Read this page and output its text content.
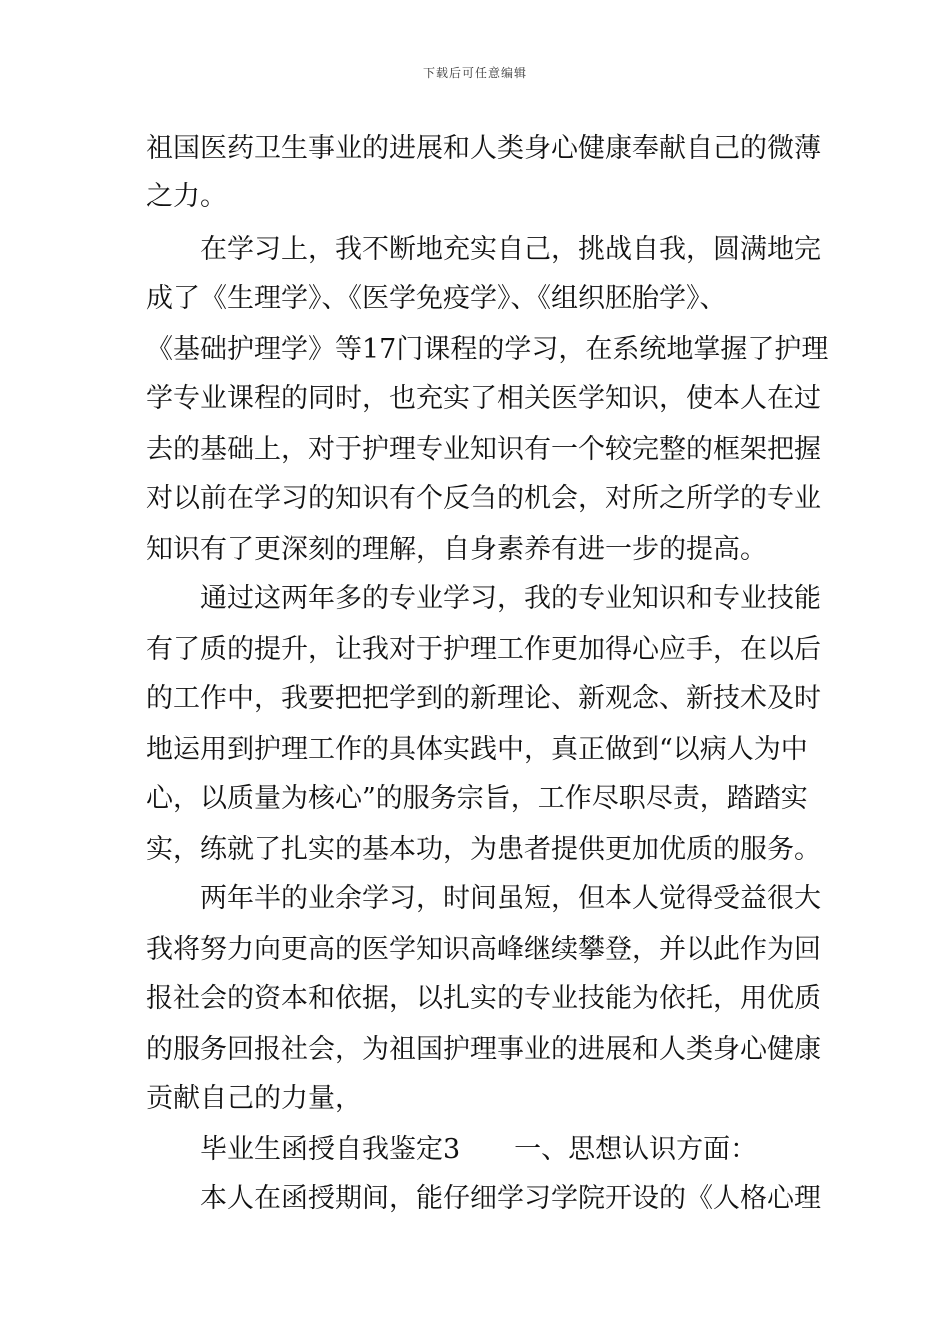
下载后可任意编辑
祖国医药卫生事业的进展和人类身心健康奉献自己的微薄
之力。
在学习上，我不断地充实自己，挑战自我，圆满地完
成了《生理学》、《医学免疫学》、《组织胚胎学》、
《基础护理学》等17门课程的学习，在系统地掌握了护理
学专业课程的同时，也充实了相关医学知识，使本人在过
去的基础上，对于护理专业知识有一个较完整的框架把握
对以前在学习的知识有个反刍的机会，对所之所学的专业
知识有了更深刻的理解，自身素养有进一步的提高。
通过这两年多的专业学习，我的专业知识和专业技能
有了质的提升，让我对于护理工作更加得心应手，在以后
的工作中，我要把把学到的新理论、新观念、新技术及时
地运用到护理工作的具体实践中，真正做到“以病人为中
心，以质量为核心”的服务宗旨，工作尽职尽责，踏踏实
实，练就了扎实的基本功，为患者提供更加优质的服务。
两年半的业余学习，时间虽短，但本人觉得受益很大
我将努力向更高的医学知识高峰继续攀登，并以此作为回
报社会的资本和依据，以扎实的专业技能为依托，用优质
的服务回报社会，为祖国护理事业的进展和人类身心健康
贡献自己的力量，
毕业生函授自我鉴定3　　一、思想认识方面：
本人在函授期间，能仔细学习学院开设的《人格心理
